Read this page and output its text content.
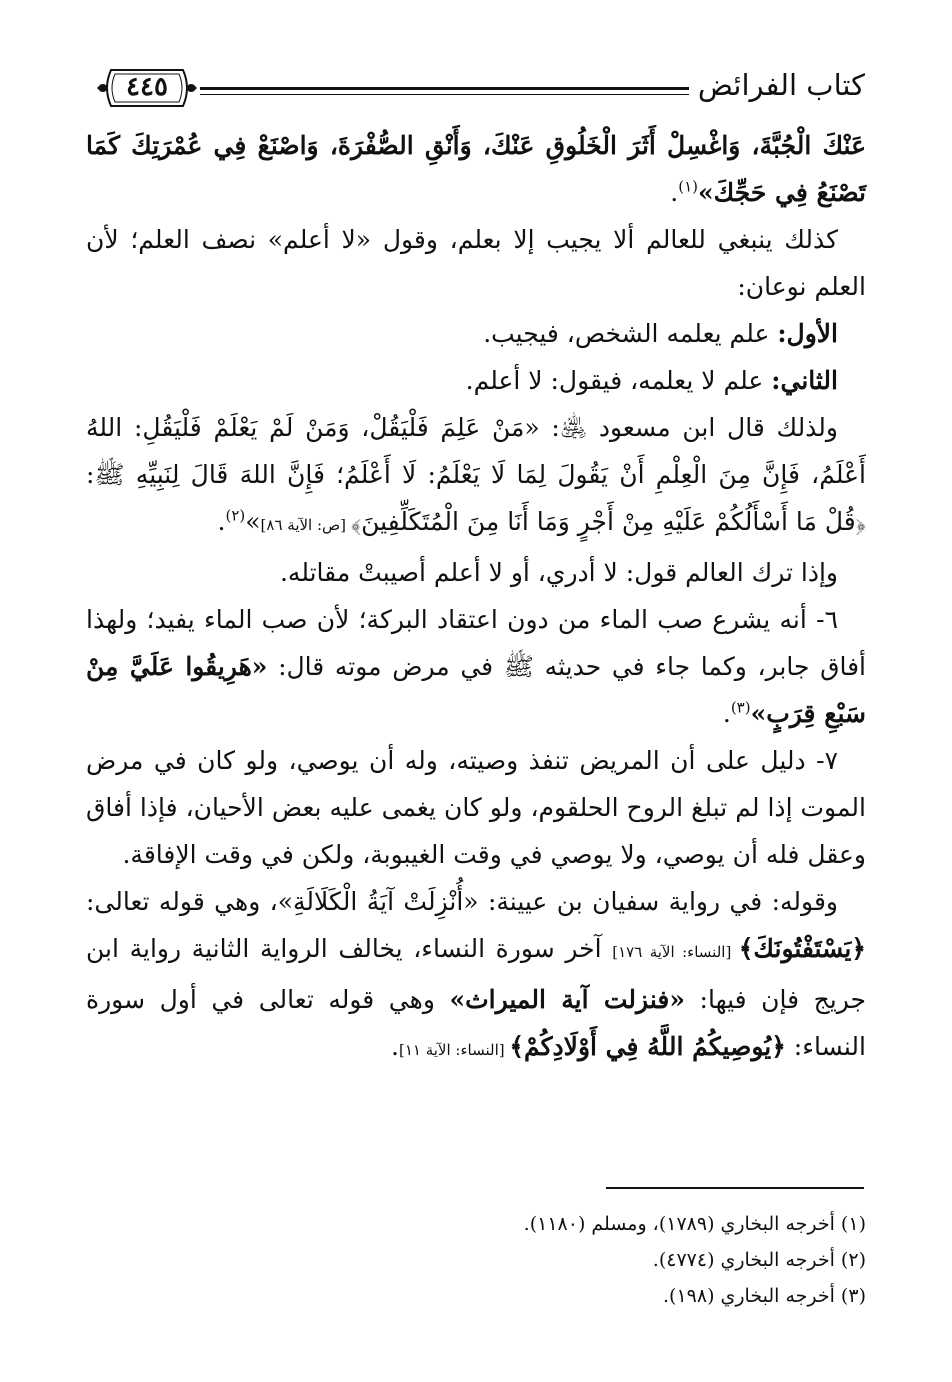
كتاب الفرائض
٤٤٥

عَنْكَ الْجُبَّةَ، وَاغْسِلْ أَثَرَ الْخَلُوقِ عَنْكَ، وَأَنْقِ الصُّفْرَةَ، وَاصْنَعْ فِي عُمْرَتِكَ كَمَا تَصْنَعُ فِي حَجِّكَ»$^{(١)}$.

كذلك ينبغي للعالم ألا يجيب إلا بعلم، وقول «لا أعلم» نصف العلم؛ لأن العلم نوعان:

الأول: علم يعلمه الشخص، فيجيب.

الثاني: علم لا يعلمه، فيقول: لا أعلم.

ولذلك قال ابن مسعود ﵁: «مَنْ عَلِمَ فَلْيَقُلْ، وَمَنْ لَمْ يَعْلَمْ فَلْيَقُلِ: اللهُ أَعْلَمُ، فَإِنَّ مِنَ الْعِلْمِ أَنْ يَقُولَ لِمَا لَا يَعْلَمُ: لَا أَعْلَمُ؛ فَإِنَّ اللهَ قَالَ لِنَبِيِّهِ ﷺ: ﴿قُلْ مَا أَسْأَلُكُمْ عَلَيْهِ مِنْ أَجْرٍ وَمَا أَنَا مِنَ الْمُتَكَلِّفِينَ﴾ [ص: الآية ٨٦]»$^{(٢)}$.

وإذا ترك العالم قول: لا أدري، أو لا أعلم أصيبتْ مقاتله.

٦- أنه يشرع صب الماء من دون اعتقاد البركة؛ لأن صب الماء يفيد؛ ولهذا أفاق جابر، وكما جاء في حديثه ﷺ في مرض موته قال: «هَرِيقُوا عَلَيَّ مِنْ سَبْعِ قِرَبٍ»$^{(٣)}$.

٧- دليل على أن المريض تنفذ وصيته، وله أن يوصي، ولو كان في مرض الموت إذا لم تبلغ الروح الحلقوم، ولو كان يغمى عليه بعض الأحيان، فإذا أفاق وعقل فله أن يوصي، ولا يوصي في وقت الغيبوبة، ولكن في وقت الإفاقة.

وقوله: في رواية سفيان بن عيينة: «أُنْزِلَتْ آيَةُ الْكَلَالَةِ»، وهي قوله تعالى: ﴿يَسْتَفْتُونَكَ﴾ [النساء: الآية ١٧٦] آخر سورة النساء، يخالف الرواية الثانية رواية ابن جريج فإن فيها: «فنزلت آية الميراث» وهي قوله تعالى في أول سورة النساء: ﴿يُوصِيكُمُ اللَّهُ فِي أَوْلَادِكُمْ﴾ [النساء: الآية ١١].

(١) أخرجه البخاري (١٧٨٩)، ومسلم (١١٨٠).

(٢) أخرجه البخاري (٤٧٧٤).

(٣) أخرجه البخاري (١٩٨).
